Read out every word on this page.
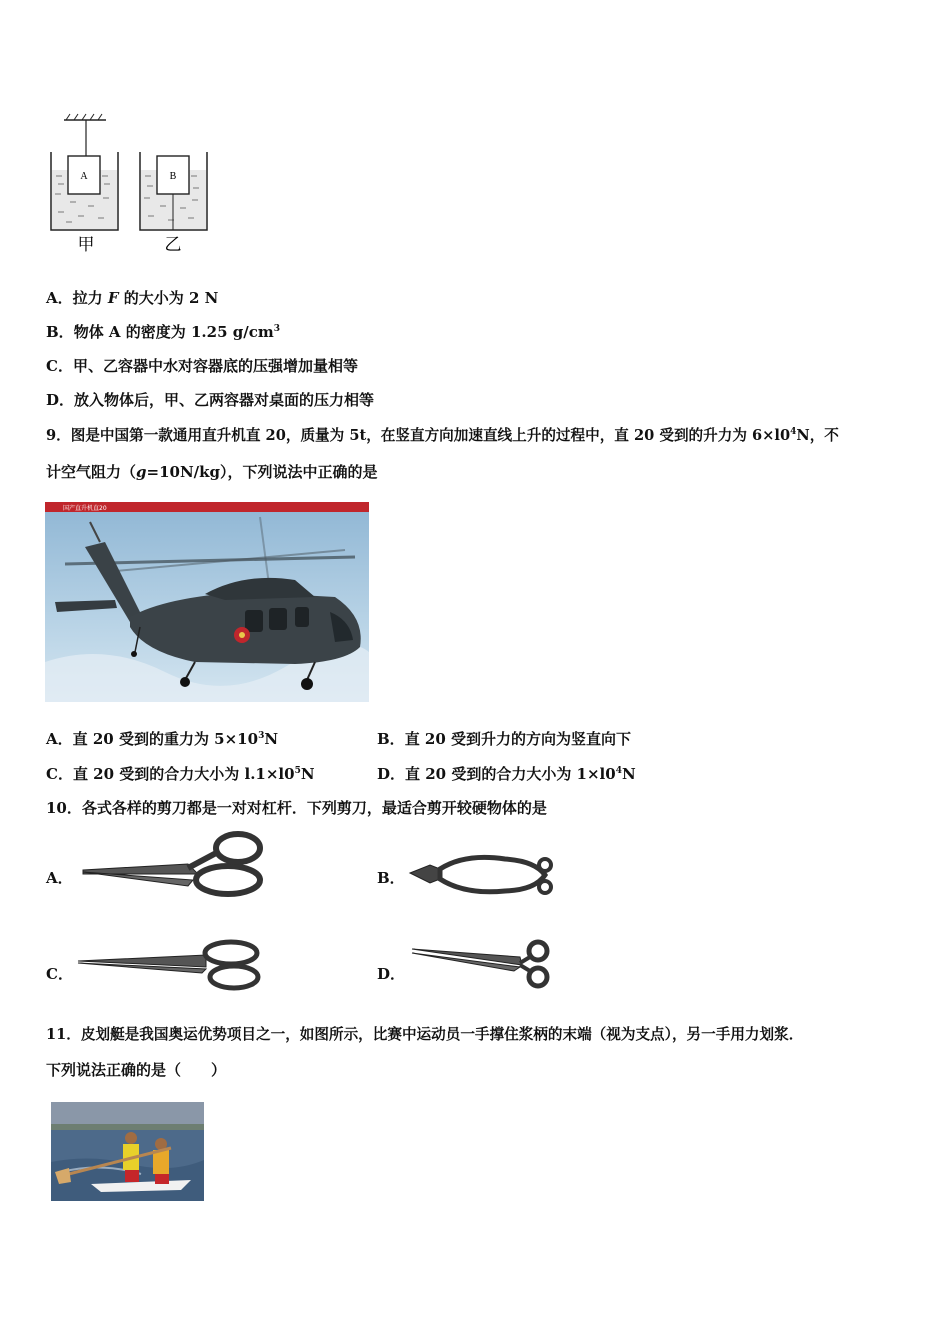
A	B
甲	乙
A．拉力 F 的大小为 2 N
B．物体 A 的密度为 1.25 $g/cm^3$
C．甲、乙容器中水对容器底的压强增加量相等
D．放入物体后，甲、乙两容器对桌面的压力相等
9．图是中国第一款通用直升机直 20，质量为 5t，在竖直方向加速直线上升的过程中，直 20 受到的升力为 $6\times l0^4N$，不
计空气阻力（g=10N/kg），下列说法中正确的是
国产直升机直20
A．直 20 受到的重力为 $5\times 10^3N$	B．直 20 受到升力的方向为竖直向下
C．直 20 受到的合力大小为 $l.1\times l0^5N$	D．直 20 受到的合力大小为 $1\times l0^4N$
10．各式各样的剪刀都是一对对杠杆．下列剪刀，最适合剪开较硬物体的是
A．	B．
C．	D．
11．皮划艇是我国奥运优势项目之一，如图所示，比赛中运动员一手撑住浆柄的末端（视为支点），另一手用力划浆．
下列说法正确的是（　　）
